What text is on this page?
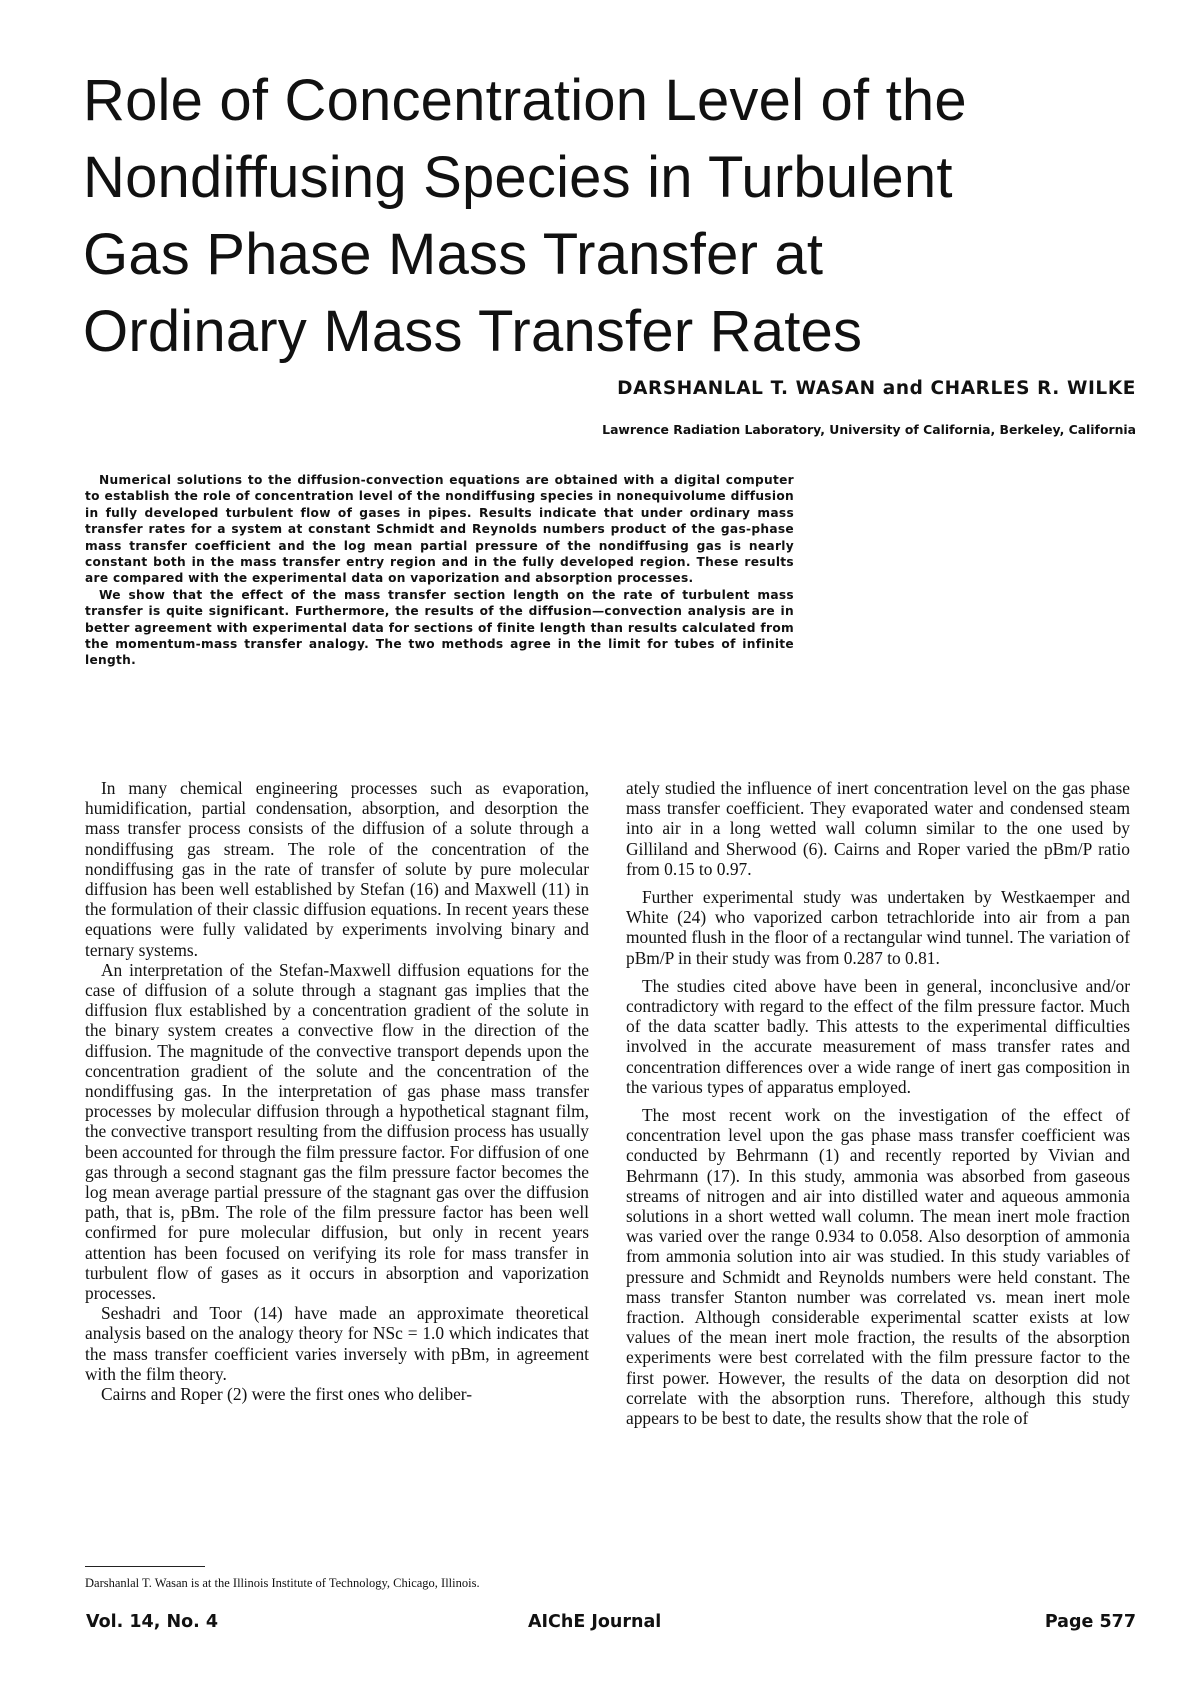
Role of Concentration Level of the Nondiffusing Species in Turbulent Gas Phase Mass Transfer at Ordinary Mass Transfer Rates

DARSHANLAL T. WASAN and CHARLES R. WILKE

Lawrence Radiation Laboratory, University of California, Berkeley, California

Numerical solutions to the diffusion-convection equations are obtained with a digital computer to establish the role of concentration level of the nondiffusing species in nonequivolume diffusion in fully developed turbulent flow of gases in pipes. Results indicate that under ordinary mass transfer rates for a system at constant Schmidt and Reynolds numbers product of the gas-phase mass transfer coefficient and the log mean partial pressure of the nondiffusing gas is nearly constant both in the mass transfer entry region and in the fully developed region. These results are compared with the experimental data on vaporization and absorption processes.

We show that the effect of the mass transfer section length on the rate of turbulent mass transfer is quite significant. Furthermore, the results of the diffusion—convection analysis are in better agreement with experimental data for sections of finite length than results calculated from the momentum-mass transfer analogy. The two methods agree in the limit for tubes of infinite length.

In many chemical engineering processes such as evaporation, humidification, partial condensation, absorption, and desorption the mass transfer process consists of the diffusion of a solute through a nondiffusing gas stream. The role of the concentration of the nondiffusing gas in the rate of transfer of solute by pure molecular diffusion has been well established by Stefan (16) and Maxwell (11) in the formulation of their classic diffusion equations. In recent years these equations were fully validated by experiments involving binary and ternary systems.

An interpretation of the Stefan-Maxwell diffusion equations for the case of diffusion of a solute through a stagnant gas implies that the diffusion flux established by a concentration gradient of the solute in the binary system creates a convective flow in the direction of the diffusion. The magnitude of the convective transport depends upon the concentration gradient of the solute and the concentration of the nondiffusing gas. In the interpretation of gas phase mass transfer processes by molecular diffusion through a hypothetical stagnant film, the convective transport resulting from the diffusion process has usually been accounted for through the film pressure factor. For diffusion of one gas through a second stagnant gas the film pressure factor becomes the log mean average partial pressure of the stagnant gas over the diffusion path, that is, pBm. The role of the film pressure factor has been well confirmed for pure molecular diffusion, but only in recent years attention has been focused on verifying its role for mass transfer in turbulent flow of gases as it occurs in absorption and vaporization processes.

Seshadri and Toor (14) have made an approximate theoretical analysis based on the analogy theory for NSc = 1.0 which indicates that the mass transfer coefficient varies inversely with pBm, in agreement with the film theory.

Cairns and Roper (2) were the first ones who deliber-

ately studied the influence of inert concentration level on the gas phase mass transfer coefficient. They evaporated water and condensed steam into air in a long wetted wall column similar to the one used by Gilliland and Sherwood (6). Cairns and Roper varied the pBm/P ratio from 0.15 to 0.97.

Further experimental study was undertaken by Westkaemper and White (24) who vaporized carbon tetrachloride into air from a pan mounted flush in the floor of a rectangular wind tunnel. The variation of pBm/P in their study was from 0.287 to 0.81.

The studies cited above have been in general, inconclusive and/or contradictory with regard to the effect of the film pressure factor. Much of the data scatter badly. This attests to the experimental difficulties involved in the accurate measurement of mass transfer rates and concentration differences over a wide range of inert gas composition in the various types of apparatus employed.

The most recent work on the investigation of the effect of concentration level upon the gas phase mass transfer coefficient was conducted by Behrmann (1) and recently reported by Vivian and Behrmann (17). In this study, ammonia was absorbed from gaseous streams of nitrogen and air into distilled water and aqueous ammonia solutions in a short wetted wall column. The mean inert mole fraction was varied over the range 0.934 to 0.058. Also desorption of ammonia from ammonia solution into air was studied. In this study variables of pressure and Schmidt and Reynolds numbers were held constant. The mass transfer Stanton number was correlated vs. mean inert mole fraction. Although considerable experimental scatter exists at low values of the mean inert mole fraction, the results of the absorption experiments were best correlated with the film pressure factor to the first power. However, the results of the data on desorption did not correlate with the absorption runs. Therefore, although this study appears to be best to date, the results show that the role of

Darshanlal T. Wasan is at the Illinois Institute of Technology, Chicago, Illinois.

Vol. 14, No. 4	AIChE Journal	Page 577
